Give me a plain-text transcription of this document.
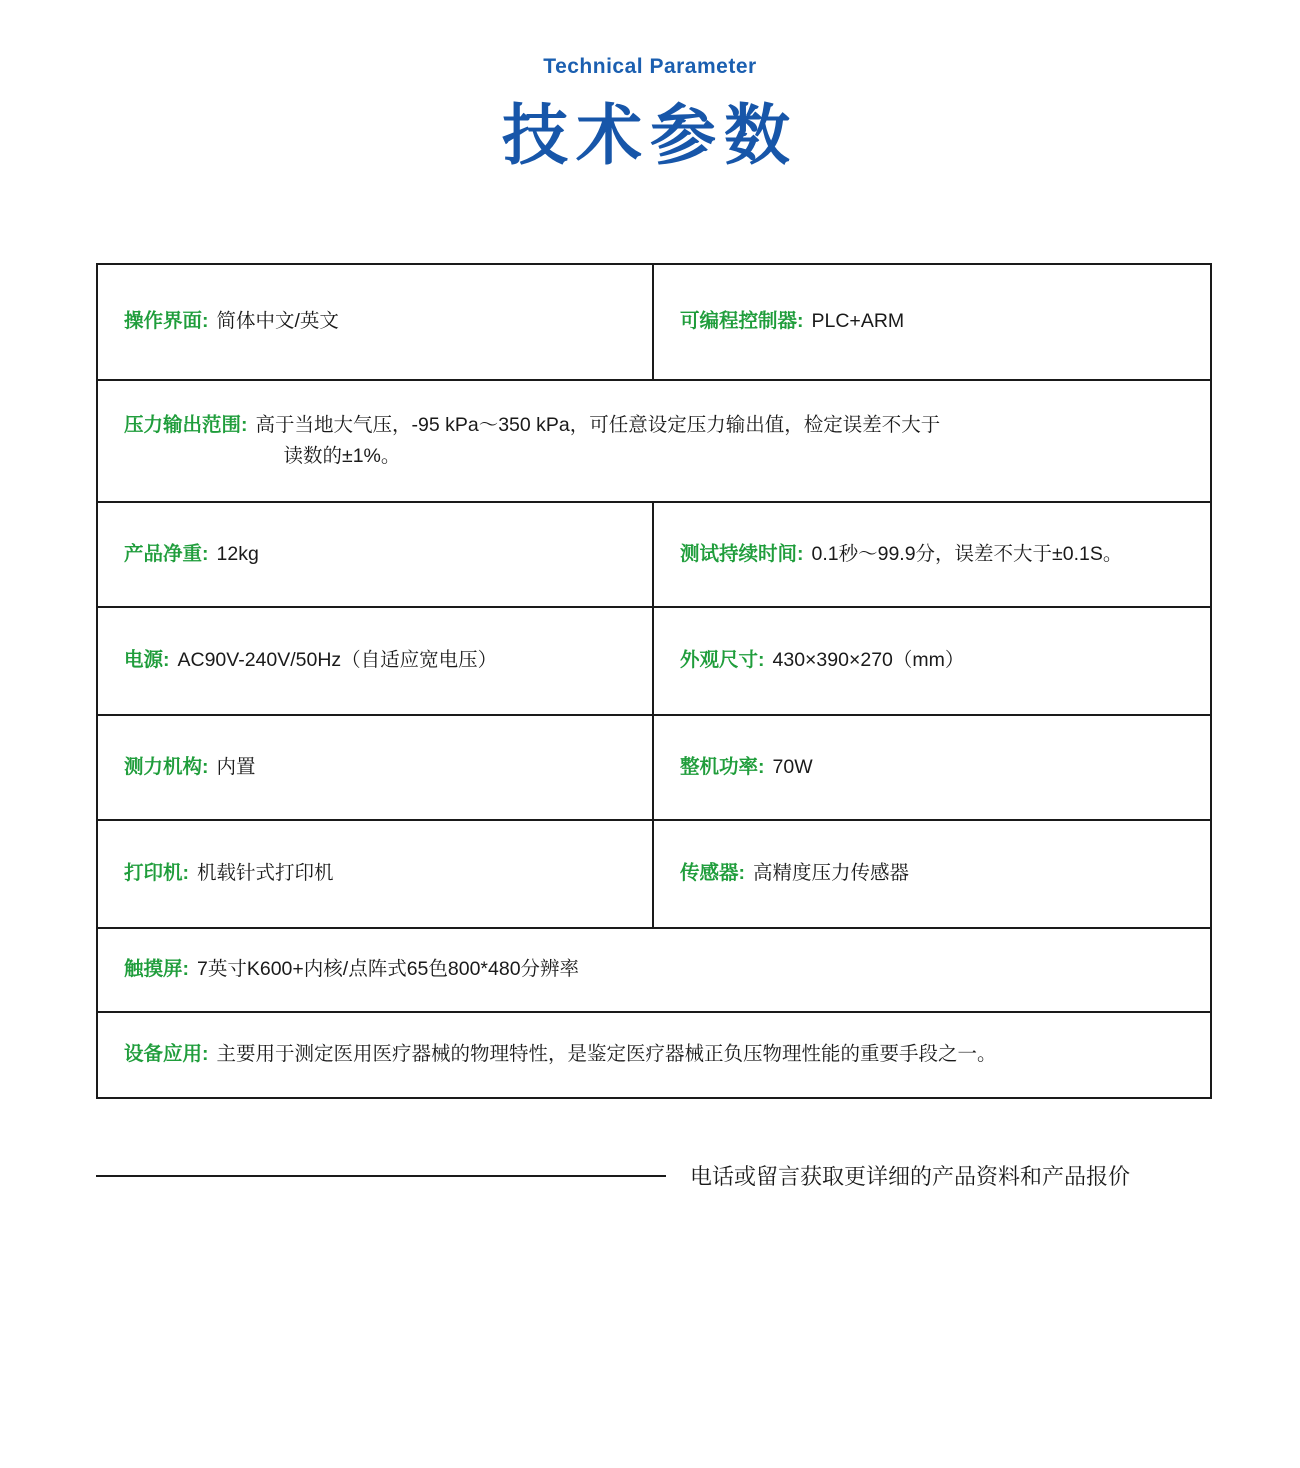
Technical Parameter
技术参数
操作界面: 简体中文/英文	可编程控制器: PLC+ARM
压力输出范围: 高于当地大气压，-95 kPa～350 kPa，可任意设定压力输出值，检定误差不大于
读数的±1%。
产品净重: 12kg	测试持续时间: 0.1秒～99.9分，误差不大于±0.1S。
电源: AC90V-240V/50Hz（自适应宽电压）	外观尺寸: 430×390×270（mm）
测力机构: 内置	整机功率: 70W
打印机: 机载针式打印机	传感器: 高精度压力传感器
触摸屏: 7英寸K600+内核/点阵式65色800*480分辨率
设备应用: 主要用于测定医用医疗器械的物理特性，是鉴定医疗器械正负压物理性能的重要手段之一。
电话或留言获取更详细的产品资料和产品报价
